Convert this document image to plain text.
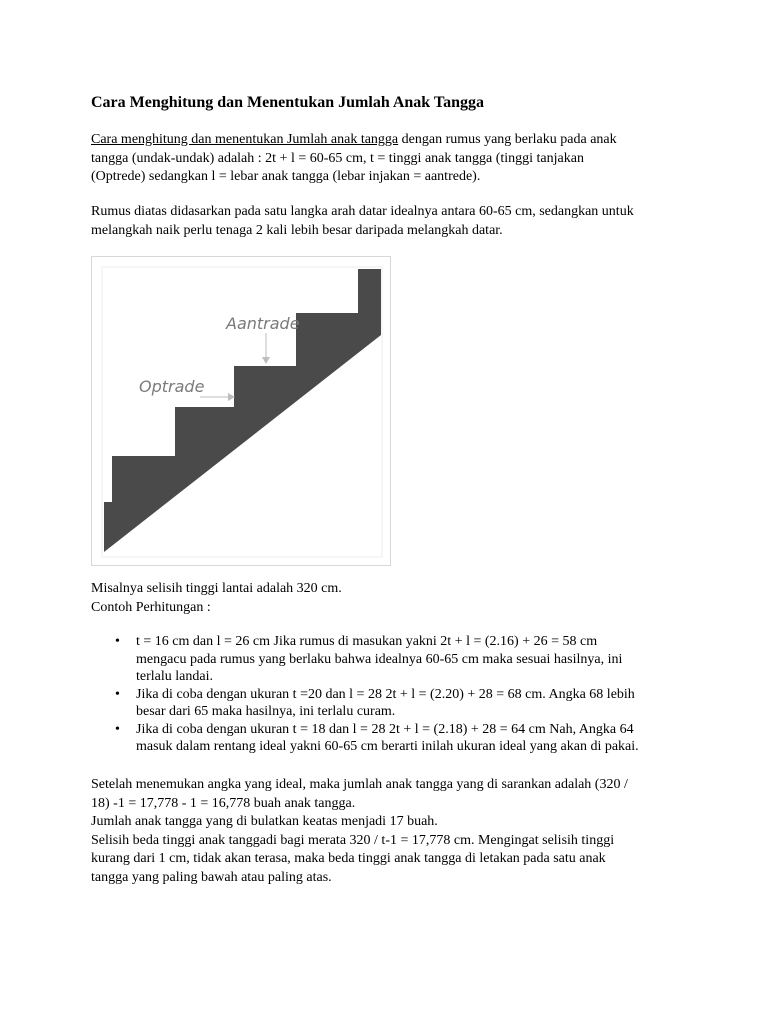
Cara Menghitung dan Menentukan Jumlah Anak Tangga

Cara menghitung dan menentukan Jumlah anak tangga dengan rumus yang berlaku pada anak
tangga (undak-undak) adalah : 2t + l = 60-65 cm, t = tinggi anak tangga (tinggi tanjakan
(Optrede) sedangkan l = lebar anak tangga (lebar injakan = aantrede).

Rumus diatas didasarkan pada satu langka arah datar idealnya antara 60-65 cm, sedangkan untuk
melangkah naik perlu tenaga 2 kali lebih besar daripada melangkah datar.

Aantrade
Optrade

Misalnya selisih tinggi lantai adalah 320 cm.
Contoh Perhitungan :

• t = 16 cm dan l = 26 cm Jika rumus di masukan yakni 2t + l = (2.16) + 26 = 58 cm
mengacu pada rumus yang berlaku bahwa idealnya 60-65 cm maka sesuai hasilnya, ini
terlalu landai.
• Jika di coba dengan ukuran t =20 dan l = 28 2t + l = (2.20) + 28 = 68 cm. Angka 68 lebih
besar dari 65 maka hasilnya, ini terlalu curam.
• Jika di coba dengan ukuran t = 18 dan l = 28 2t + l = (2.18) + 28 = 64 cm Nah, Angka 64
masuk dalam rentang ideal yakni 60-65 cm berarti inilah ukuran ideal yang akan di pakai.

Setelah menemukan angka yang ideal, maka jumlah anak tangga yang di sarankan adalah (320 /
18) -1 = 17,778 - 1 = 16,778 buah anak tangga.
Jumlah anak tangga yang di bulatkan keatas menjadi 17 buah.
Selisih beda tinggi anak tanggadi bagi merata 320 / t-1 = 17,778 cm. Mengingat selisih tinggi
kurang dari 1 cm, tidak akan terasa, maka beda tinggi anak tangga di letakan pada satu anak
tangga yang paling bawah atau paling atas.
